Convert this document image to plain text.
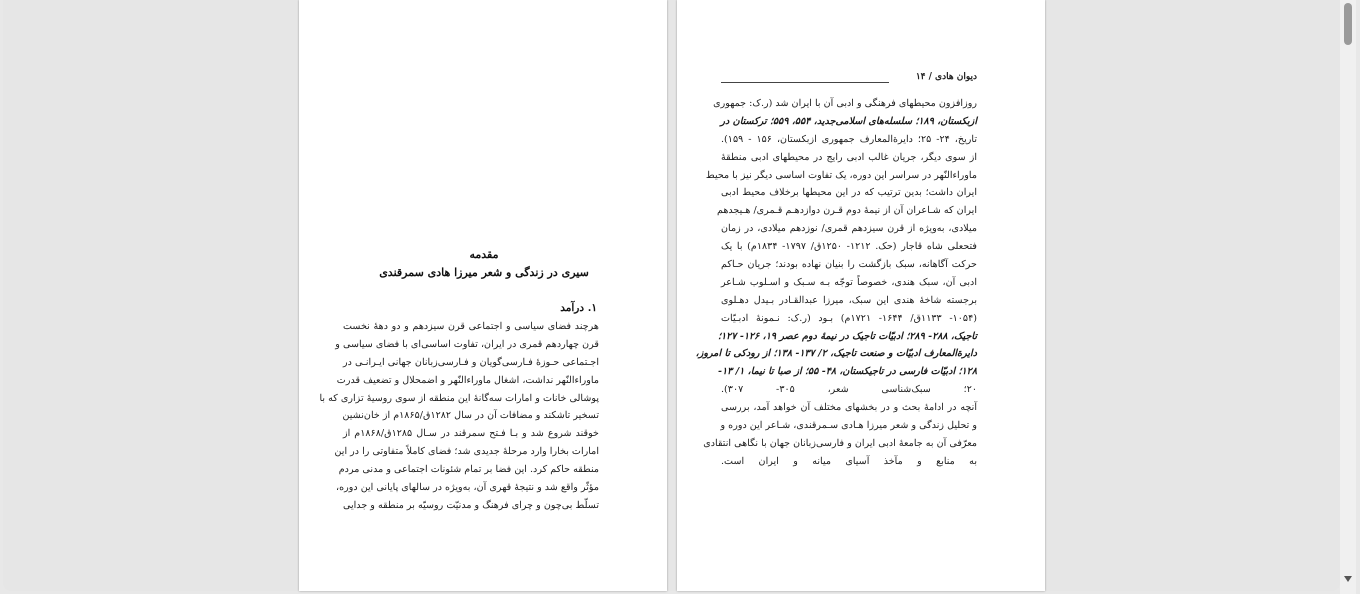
مقدمه
سیری در زندگی و شعر میرزا هادی سمرقندی
۱. درآمد
هرچند فضای سیاسی و اجتماعی قرن سیزدهم و دو دههٔ نخست
قرن چهاردهم قمری در ایران، تفاوت اساسی‌ای با فضای سیاسی و
اجـتماعی حـوزهٔ فـارسی‌گویان و فـارسی‌زبانان جهانی ایـرانـی در
ماوراءالنّهر نداشت، اشغال ماوراءالنّهر و اضمحلال و تضعیف قدرت
پوشالی خانات و امارات سه‌گانهٔ این منطقه از سوی روسیهٔ تزاری که با
تسخیر تاشکند و مضافات آن در سال ۱۲۸۲ق/۱۸۶۵م از خان‌نشین
خوقند شروع شد و بـا فـتح سمرقند در سـال ۱۲۸۵ق/۱۸۶۸م از
امارات بخارا وارد مرحلهٔ جدیدی شد؛ فضای کاملاً متفاوتی را در این
منطقه حاکم کرد. این فضا بر تمام شئونات اجتماعی و مدنی مردم
مؤثّر واقع شد و نتیجهٔ قهری آن، به‌ویژه در سالهای پایانی این دوره،
تسلّط بی‌چون و چرای فرهنگ و مدنیّت روسیّه بر منطقه و جدایی
دیوان هادی / ۱۴
روزافزون محیطهای فرهنگی و ادبی آن با ایران شد (ر.ک: جمهوری
ازبکستان، ۱۸۹؛ سلسله‌های اسلامی‌جدید، ۵۵۴، ۵۵۹؛ ترکستان در
تاریخ، ۲۴- ۲۵؛ دایرةالمعارف جمهوری ازبکستان، ۱۵۶ - ۱۵۹).
از سوی دیگر، جریان غالب ادبی رایج در محیطهای ادبی منطقهٔ
ماوراءالنّهر در سراسر این دوره، یک تفاوت اساسی دیگر نیز با محیط
ایران داشت؛ بدین ترتیب که در این محیطها برخلاف محیط ادبی
ایران که شـاعران آن از نیمهٔ دوم قـرن دوازدهـم قـمری/ هـیجدهم
میلادی، به‌ویژه از قرن سیزدهم قمری/ نوزدهم میلادی، در زمان
فتحعلی شاه قاجار (حک. ۱۲۱۲- ۱۲۵۰ق/ ۱۷۹۷- ۱۸۳۴م) با یک
حرکت آگاهانه، سبک بازگشت را بنیان نهاده بودند؛ جریان حـاکم
ادبی آن، سبک هندی، خصوصاً توجّه بـه سـبک و اسـلوب شـاعر
برجسته شاخهٔ هندی این سبک، میرزا عبدالقـادر بـیدل دهـلوی
(۱۰۵۴- ۱۱۳۳ق/ ۱۶۴۴- ۱۷۲۱م) بـود (ر.ک: نـمونهٔ ادبـیّات
تاجیک، ۲۸۸- ۲۸۹؛ ادبیّات تاجیک در نیمهٔ دوم عصر ۱۹، ۱۲۶- ۱۲۷؛
دایرةالمعارف ادبیّات و صنعت تاجیک، ۲/ ۱۳۷- ۱۳۸؛ از رودکی تا امروز،
۱۲۸؛ ادبیّات فارسی در تاجیکستان، ۴۸- ۵۵؛ از صبا تا نیما، ۱/ ۱۳-
۲۰؛ سبک‌شناسی شعر، ۳۰۵- ۳۰۷).
آنچه در ادامهٔ بحث و در بخشهای مختلف آن خواهد آمد، بررسی
و تحلیل زندگی و شعر میرزا هـادی سـمرقندی، شـاعر این دوره و
معرّفی آن به جامعهٔ ادبی ایران و فارسی‌زبانان جهان با نگاهی انتقادی
به منابع و مآخذ آسیای میانه و ایران است.
